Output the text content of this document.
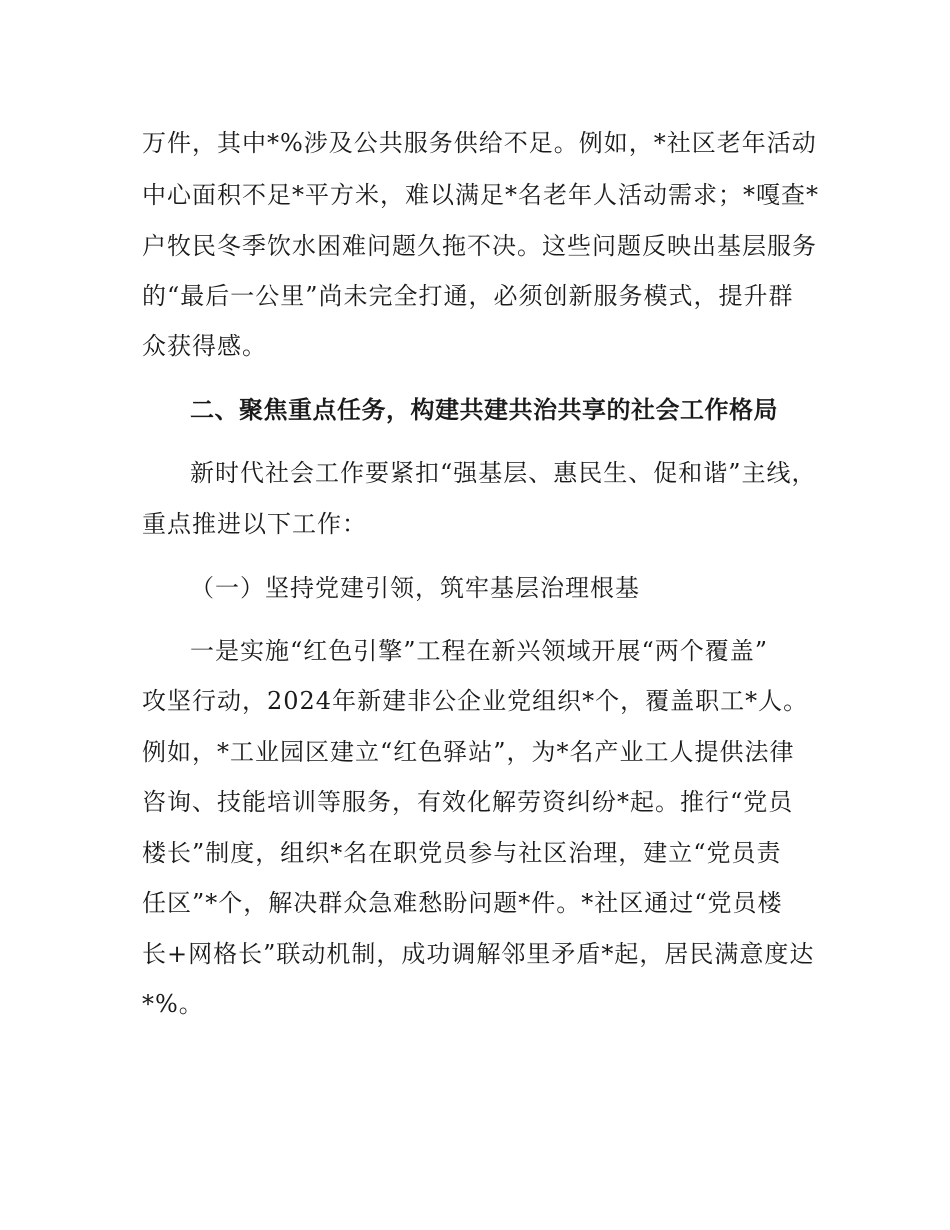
万件，其中*%涉及公共服务供给不足。例如，*社区老年活动
中心面积不足*平方米，难以满足*名老年人活动需求；*嘎查*
户牧民冬季饮水困难问题久拖不决。这些问题反映出基层服务
的“最后一公里”尚未完全打通，必须创新服务模式，提升群
众获得感。
二、聚焦重点任务，构建共建共治共享的社会工作格局
新时代社会工作要紧扣“强基层、惠民生、促和谐”主线，
重点推进以下工作：
（一）坚持党建引领，筑牢基层治理根基
一是实施“红色引擎”工程在新兴领域开展“两个覆盖”
攻坚行动，2024年新建非公企业党组织*个，覆盖职工*人。
例如，*工业园区建立“红色驿站”，为*名产业工人提供法律
咨询、技能培训等服务，有效化解劳资纠纷*起。推行“党员
楼长”制度，组织*名在职党员参与社区治理，建立“党员责
任区”*个，解决群众急难愁盼问题*件。*社区通过“党员楼
长+网格长”联动机制，成功调解邻里矛盾*起，居民满意度达
*%。
